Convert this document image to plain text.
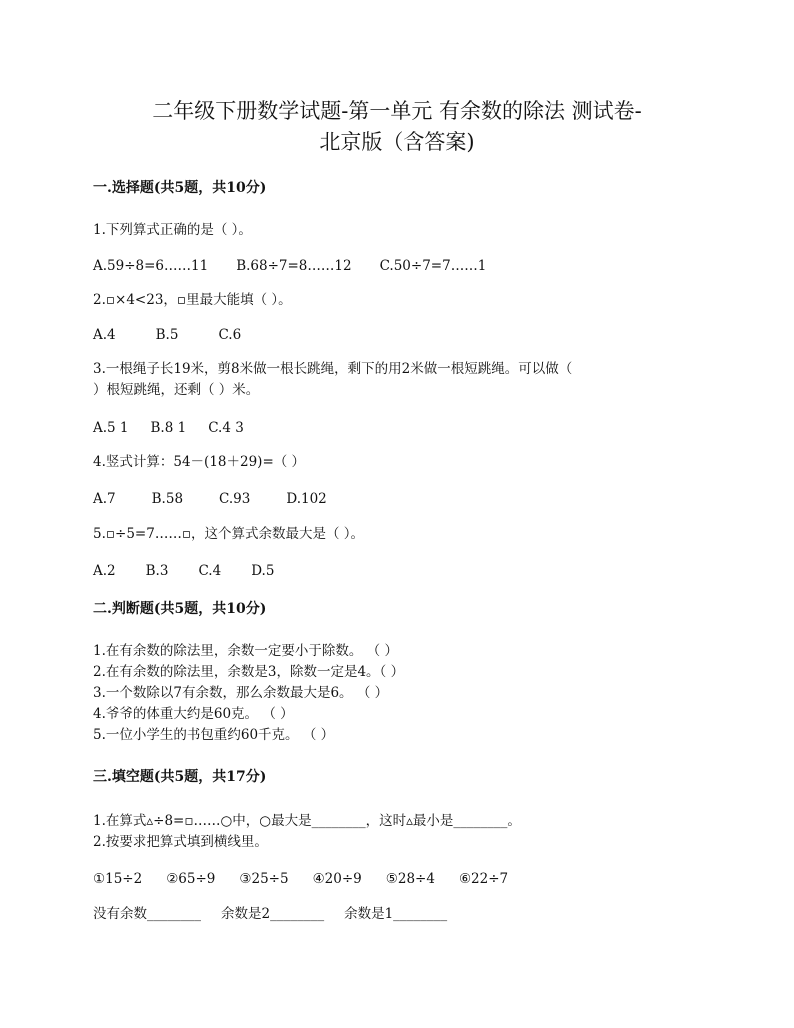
二年级下册数学试题-第一单元 有余数的除法 测试卷-
北京版（含答案)
一.选择题(共5题，共10分)
1.下列算式正确的是（ ）。
A.59÷8=6……11 B.68÷7=8……12 C.50÷7=7……1
2.▫×4<23，▫里最大能填（ ）。
A.4	B.5	C.6
3.一根绳子长19米，剪8米做一根长跳绳，剩下的用2米做一根短跳绳。可以做（
）根短跳绳，还剩（ ）米。
A.5 1 B.8 1 C.4 3
4.竖式计算：54－(18＋29)=（ ）
A.7	B.58	C.93	D.102
5.▫÷5=7……▫，这个算式余数最大是（ ）。
A.2 B.3 C.4 D.5
二.判断题(共5题，共10分)
1.在有余数的除法里，余数一定要小于除数。 （ ）
2.在有余数的除法里，余数是3，除数一定是4。（ ）
3.一个数除以7有余数，那么余数最大是6。 （ ）
4.爷爷的体重大约是60克。 （ ）
5.一位小学生的书包重约60千克。 （ ）
三.填空题(共5题，共17分)
1.在算式▵÷8=▫……○中，○最大是________，这时▵最小是________。
2.按要求把算式填到横线里。
①15÷2 ②65÷9 ③25÷5 ④20÷9 ⑤28÷4 ⑥22÷7
没有余数________ 余数是2________ 余数是1________
